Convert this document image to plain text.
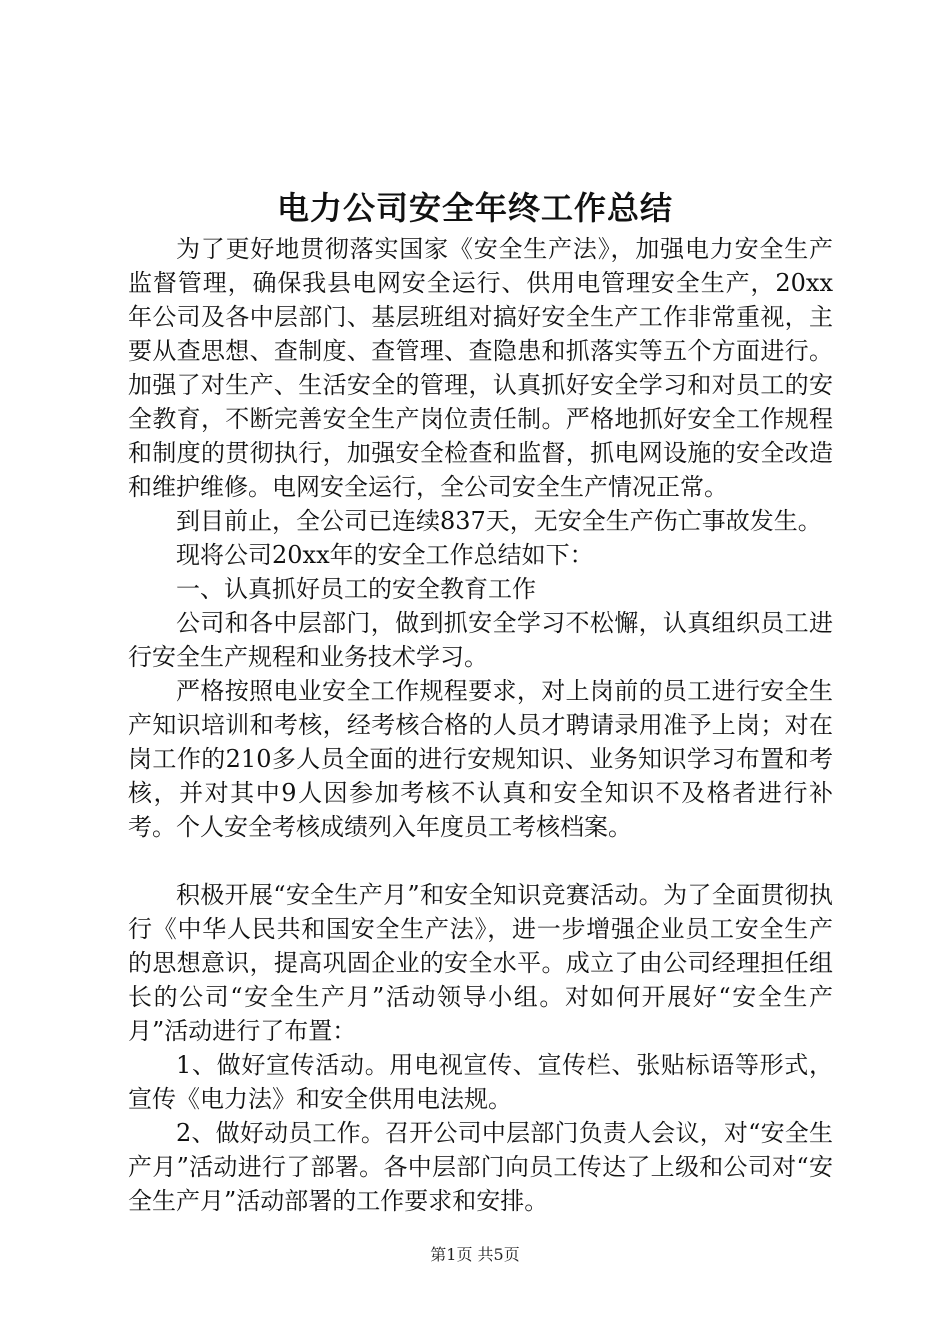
电力公司安全年终工作总结

为了更好地贯彻落实国家《安全生产法》，加强电力安全生产监督管理，确保我县电网安全运行、供用电管理安全生产，20xx年公司及各中层部门、基层班组对搞好安全生产工作非常重视，主要从查思想、查制度、查管理、查隐患和抓落实等五个方面进行。加强了对生产、生活安全的管理，认真抓好安全学习和对员工的安全教育，不断完善安全生产岗位责任制。严格地抓好安全工作规程和制度的贯彻执行，加强安全检查和监督，抓电网设施的安全改造和维护维修。电网安全运行，全公司安全生产情况正常。

到目前止，全公司已连续837天，无安全生产伤亡事故发生。

现将公司20xx年的安全工作总结如下：

一、认真抓好员工的安全教育工作

公司和各中层部门，做到抓安全学习不松懈，认真组织员工进行安全生产规程和业务技术学习。

严格按照电业安全工作规程要求，对上岗前的员工进行安全生产知识培训和考核，经考核合格的人员才聘请录用准予上岗；对在岗工作的210多人员全面的进行安规知识、业务知识学习布置和考核，并对其中9人因参加考核不认真和安全知识不及格者进行补考。个人安全考核成绩列入年度员工考核档案。

积极开展“安全生产月”和安全知识竞赛活动。为了全面贯彻执行《中华人民共和国安全生产法》，进一步增强企业员工安全生产的思想意识，提高巩固企业的安全水平。成立了由公司经理担任组长的公司“安全生产月”活动领导小组。对如何开展好“安全生产月”活动进行了布置：

1、做好宣传活动。用电视宣传、宣传栏、张贴标语等形式，宣传《电力法》和安全供用电法规。

2、做好动员工作。召开公司中层部门负责人会议，对“安全生产月”活动进行了部署。各中层部门向员工传达了上级和公司对“安全生产月”活动部署的工作要求和安排。

第1页 共5页
